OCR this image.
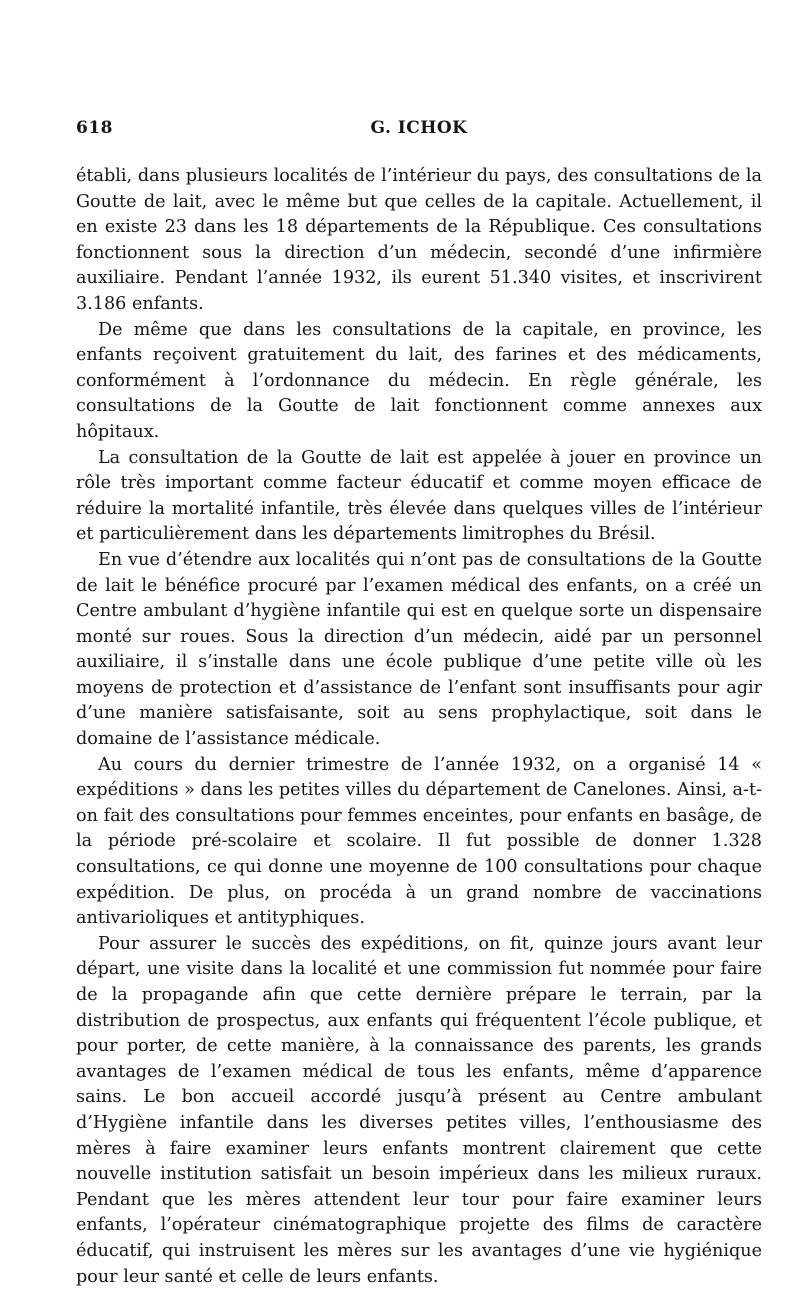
618	G. ICHOK

établi, dans plusieurs localités de l’intérieur du pays, des consultations de la Goutte de lait, avec le même but que celles de la capitale. Actuellement, il en existe 23 dans les 18 départements de la République. Ces consultations fonctionnent sous la direction d’un médecin, secondé d’une infirmière auxiliaire. Pendant l’année 1932, ils eurent 51.340 visites, et inscrivirent 3.186 enfants.

De même que dans les consultations de la capitale, en province, les enfants reçoivent gratuitement du lait, des farines et des médicaments, conformément à l’ordonnance du médecin. En règle générale, les consultations de la Goutte de lait fonctionnent comme annexes aux hôpitaux.

La consultation de la Goutte de lait est appelée à jouer en province un rôle très important comme facteur éducatif et comme moyen efficace de réduire la mortalité infantile, très élevée dans quelques villes de l’intérieur et particulièrement dans les départements limitrophes du Brésil.

En vue d’étendre aux localités qui n’ont pas de consultations de la Goutte de lait le bénéfice procuré par l’examen médical des enfants, on a créé un Centre ambulant d’hygiène infantile qui est en quelque sorte un dispensaire monté sur roues. Sous la direction d’un médecin, aidé par un personnel auxiliaire, il s’installe dans une école publique d’une petite ville où les moyens de protection et d’assistance de l’enfant sont insuffisants pour agir d’une manière satisfaisante, soit au sens prophylactique, soit dans le domaine de l’assistance médicale.

Au cours du dernier trimestre de l’année 1932, on a organisé 14 « expéditions » dans les petites villes du département de Canelones. Ainsi, a-t-on fait des consultations pour femmes enceintes, pour enfants en basâge, de la période pré-scolaire et scolaire. Il fut possible de donner 1.328 consultations, ce qui donne une moyenne de 100 consultations pour chaque expédition. De plus, on procéda à un grand nombre de vaccinations antivarioliques et antityphiques.

Pour assurer le succès des expéditions, on fit, quinze jours avant leur départ, une visite dans la localité et une commission fut nommée pour faire de la propagande afin que cette dernière prépare le terrain, par la distribution de prospectus, aux enfants qui fréquentent l’école publique, et pour porter, de cette manière, à la connaissance des parents, les grands avantages de l’examen médical de tous les enfants, même d’apparence sains. Le bon accueil accordé jusqu’à présent au Centre ambulant d’Hygiène infantile dans les diverses petites villes, l’enthousiasme des mères à faire examiner leurs enfants montrent clairement que cette nouvelle institution satisfait un besoin impérieux dans les milieux ruraux. Pendant que les mères attendent leur tour pour faire examiner leurs enfants, l’opérateur cinématographique projette des films de caractère éducatif, qui instruisent les mères sur les avantages d’une vie hygiénique pour leur santé et celle de leurs enfants.
